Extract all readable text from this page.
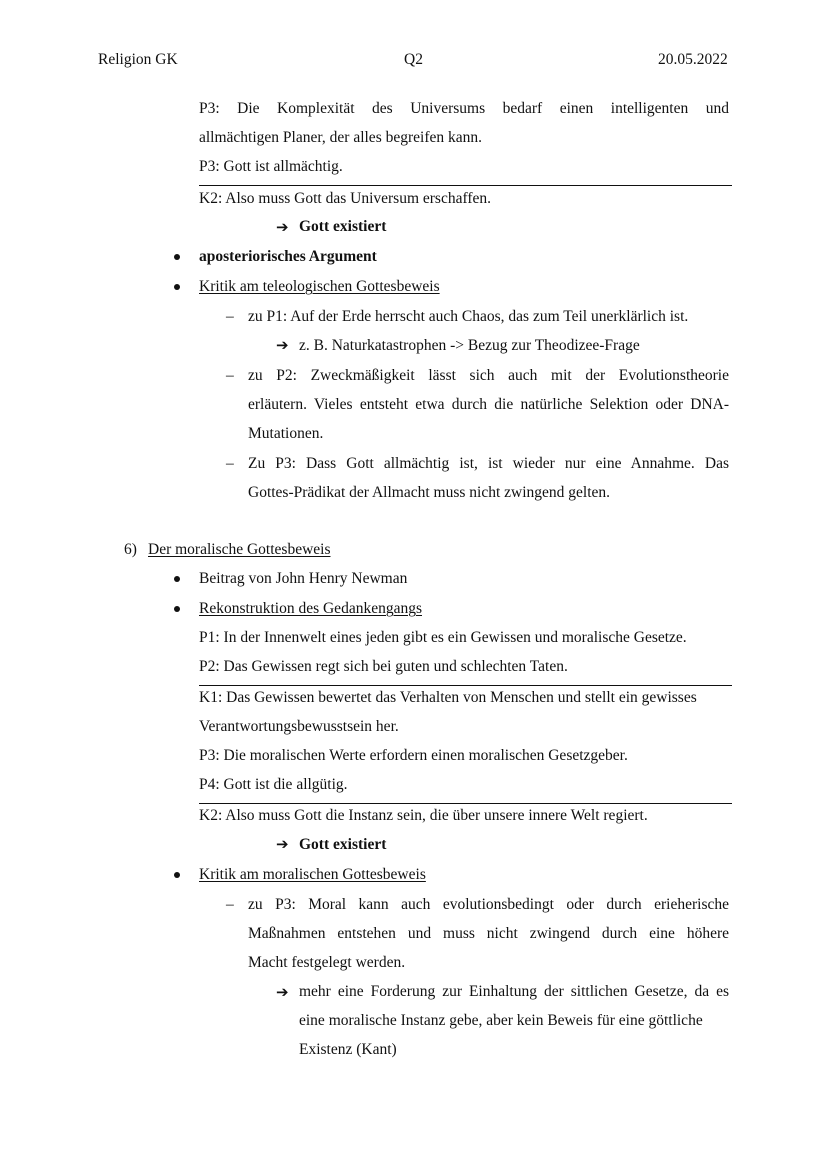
Religion GK	Q2	20.05.2022
P3: Die Komplexität des Universums bedarf einen intelligenten und
allmächtigen Planer, der alles begreifen kann.
P3: Gott ist allmächtig.
K2: Also muss Gott das Universum erschaffen.
➔ Gott existiert
aposteriorisches Argument
Kritik am teleologischen Gottesbeweis
– zu P1: Auf der Erde herrscht auch Chaos, das zum Teil unerklärlich ist.
➔ z. B. Naturkatastrophen -> Bezug zur Theodizee-Frage
– zu P2: Zweckmäßigkeit lässt sich auch mit der Evolutionstheorie
erläutern. Vieles entsteht etwa durch die natürliche Selektion oder DNA-
Mutationen.
– Zu P3: Dass Gott allmächtig ist, ist wieder nur eine Annahme. Das
Gottes-Prädikat der Allmacht muss nicht zwingend gelten.
6) Der moralische Gottesbeweis
Beitrag von John Henry Newman
Rekonstruktion des Gedankengangs
P1: In der Innenwelt eines jeden gibt es ein Gewissen und moralische Gesetze.
P2: Das Gewissen regt sich bei guten und schlechten Taten.
K1: Das Gewissen bewertet das Verhalten von Menschen und stellt ein gewisses
Verantwortungsbewusstsein her.
P3: Die moralischen Werte erfordern einen moralischen Gesetzgeber.
P4: Gott ist die allgütig.
K2: Also muss Gott die Instanz sein, die über unsere innere Welt regiert.
➔ Gott existiert
Kritik am moralischen Gottesbeweis
– zu P3: Moral kann auch evolutionsbedingt oder durch erieherische
Maßnahmen entstehen und muss nicht zwingend durch eine höhere
Macht festgelegt werden.
➔ mehr eine Forderung zur Einhaltung der sittlichen Gesetze, da es
eine moralische Instanz gebe, aber kein Beweis für eine göttliche
Existenz (Kant)
